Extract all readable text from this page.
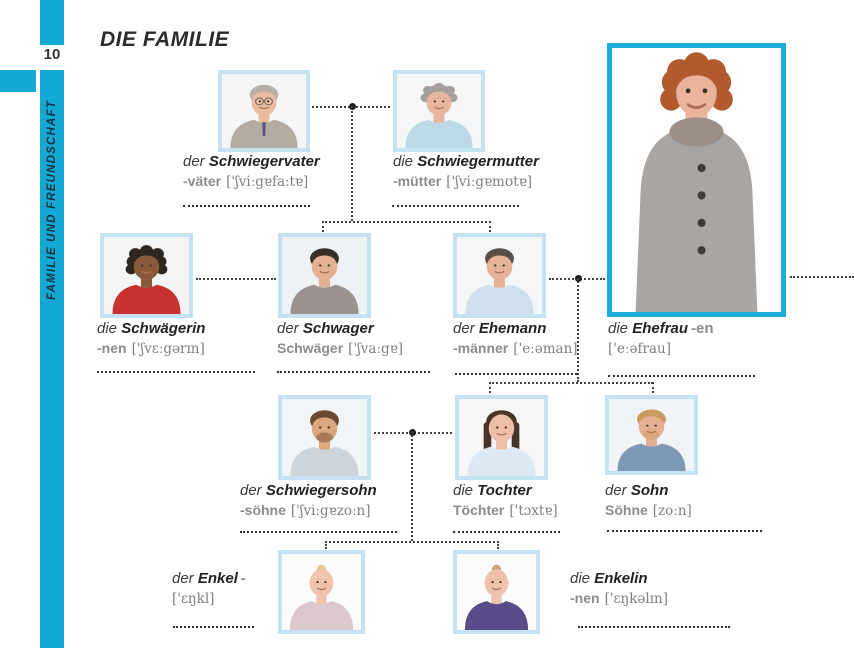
10
FAMILIE UND FREUNDSCHAFT
DIE FAMILIE
der Schwiegervater
-väter ['ʃviːgɐfaːtɐ]
die Schwiegermutter
-mütter ['ʃviːgɐmʊtɐ]
die Schwägerin
-nen ['ʃvɛːgərɪn]
der Schwager
Schwäger ['ʃvaːgɐ]
der Ehemann
-männer ['eːəman]
die Ehefrau -en
['eːəfrau]
der Schwiegersohn
-söhne ['ʃviːgɐzoːn]
die Tochter
Töchter ['tɔxtɐ]
der Sohn
Söhne [zoːn]
der Enkel -
['ɛŋkl]
die Enkelin
-nen ['ɛŋkəlɪn]
